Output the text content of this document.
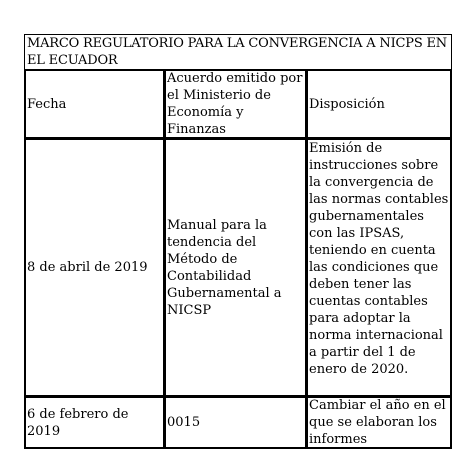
MARCO REGULATORIO PARA LA CONVERGENCIA A NICPS EN EL ECUADOR		
Fecha	Acuerdo emitido por el Ministerio de Economía y Finanzas	Disposición
8 de abril de 2019	Manual para la tendencia del Método de Contabilidad Gubernamental a NICSP	Emisión de instrucciones sobre la convergencia de las normas contables gubernamentales con las IPSAS, teniendo en cuenta las condiciones que deben tener las cuentas contables para adoptar la norma internacional a partir del 1 de enero de 2020.
6 de febrero de 2019	0015	Cambiar el año en el que se elaboran los informes
